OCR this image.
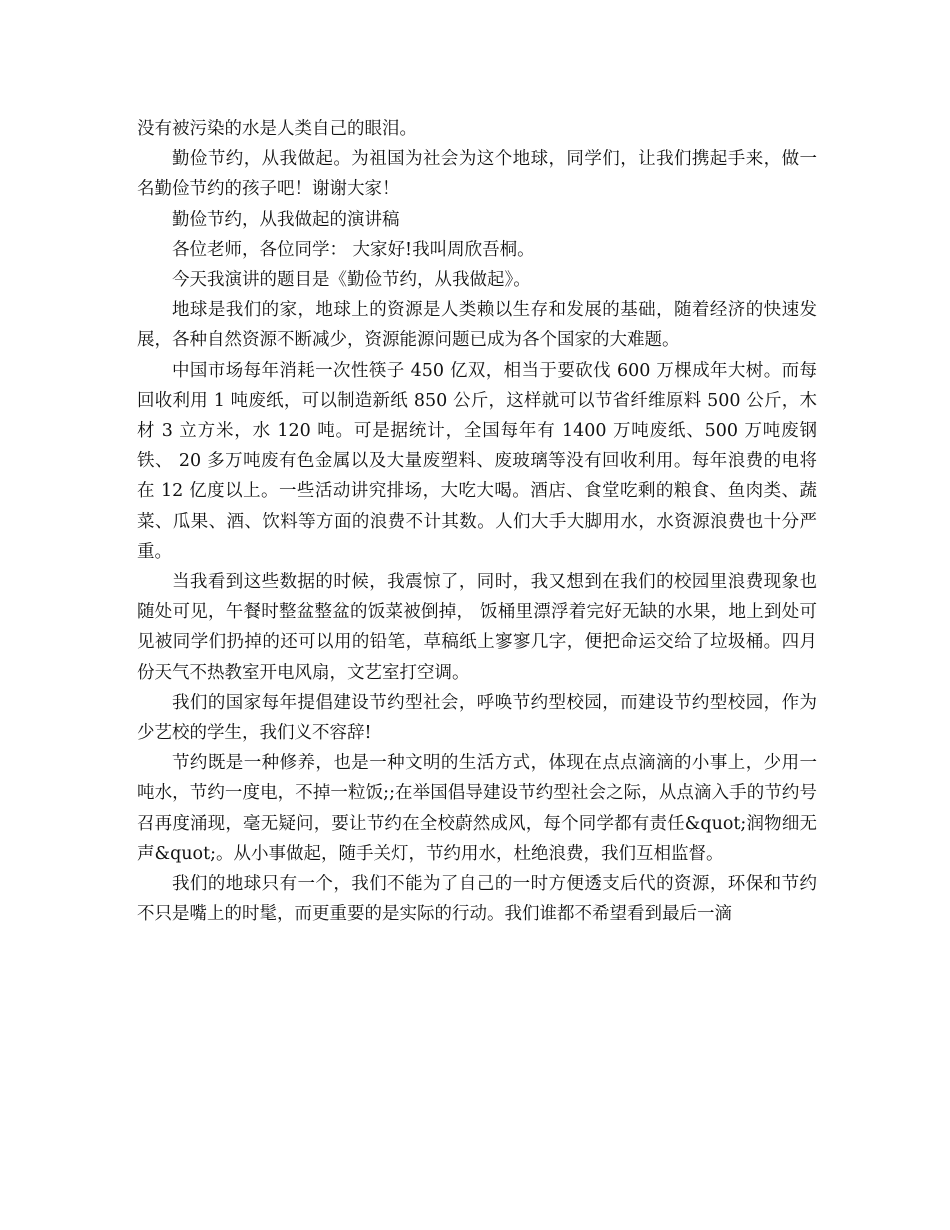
没有被污染的水是人类自己的眼泪。

勤俭节约，从我做起。为祖国为社会为这个地球，同学们，让我们携起手来，做一名勤俭节约的孩子吧！谢谢大家！

勤俭节约，从我做起的演讲稿

各位老师，各位同学： 大家好!我叫周欣吾桐。

今天我演讲的题目是《勤俭节约，从我做起》。

地球是我们的家，地球上的资源是人类赖以生存和发展的基础，随着经济的快速发展，各种自然资源不断减少，资源能源问题已成为各个国家的大难题。

中国市场每年消耗一次性筷子 450 亿双，相当于要砍伐 600 万棵成年大树。而每回收利用 1 吨废纸，可以制造新纸 850 公斤，这样就可以节省纤维原料 500 公斤，木材 3 立方米，水 120 吨。可是据统计，全国每年有 1400 万吨废纸、500 万吨废钢铁、 20 多万吨废有色金属以及大量废塑料、废玻璃等没有回收利用。每年浪费的电将在 12 亿度以上。一些活动讲究排场，大吃大喝。酒店、食堂吃剩的粮食、鱼肉类、蔬菜、瓜果、酒、饮料等方面的浪费不计其数。人们大手大脚用水，水资源浪费也十分严重。

当我看到这些数据的时候，我震惊了，同时，我又想到在我们的校园里浪费现象也随处可见，午餐时整盆整盆的饭菜被倒掉， 饭桶里漂浮着完好无缺的水果，地上到处可见被同学们扔掉的还可以用的铅笔，草稿纸上寥寥几字，便把命运交给了垃圾桶。四月份天气不热教室开电风扇，文艺室打空调。

我们的国家每年提倡建设节约型社会，呼唤节约型校园，而建设节约型校园，作为少艺校的学生，我们义不容辞!

节约既是一种修养，也是一种文明的生活方式，体现在点点滴滴的小事上，少用一吨水，节约一度电，不掉一粒饭;;在举国倡导建设节约型社会之际，从点滴入手的节约号召再度涌现，毫无疑问，要让节约在全校蔚然成风，每个同学都有责任&quot;润物细无声&quot;。从小事做起，随手关灯，节约用水，杜绝浪费，我们互相监督。

我们的地球只有一个，我们不能为了自己的一时方便透支后代的资源，环保和节约不只是嘴上的时髦，而更重要的是实际的行动。我们谁都不希望看到最后一滴
